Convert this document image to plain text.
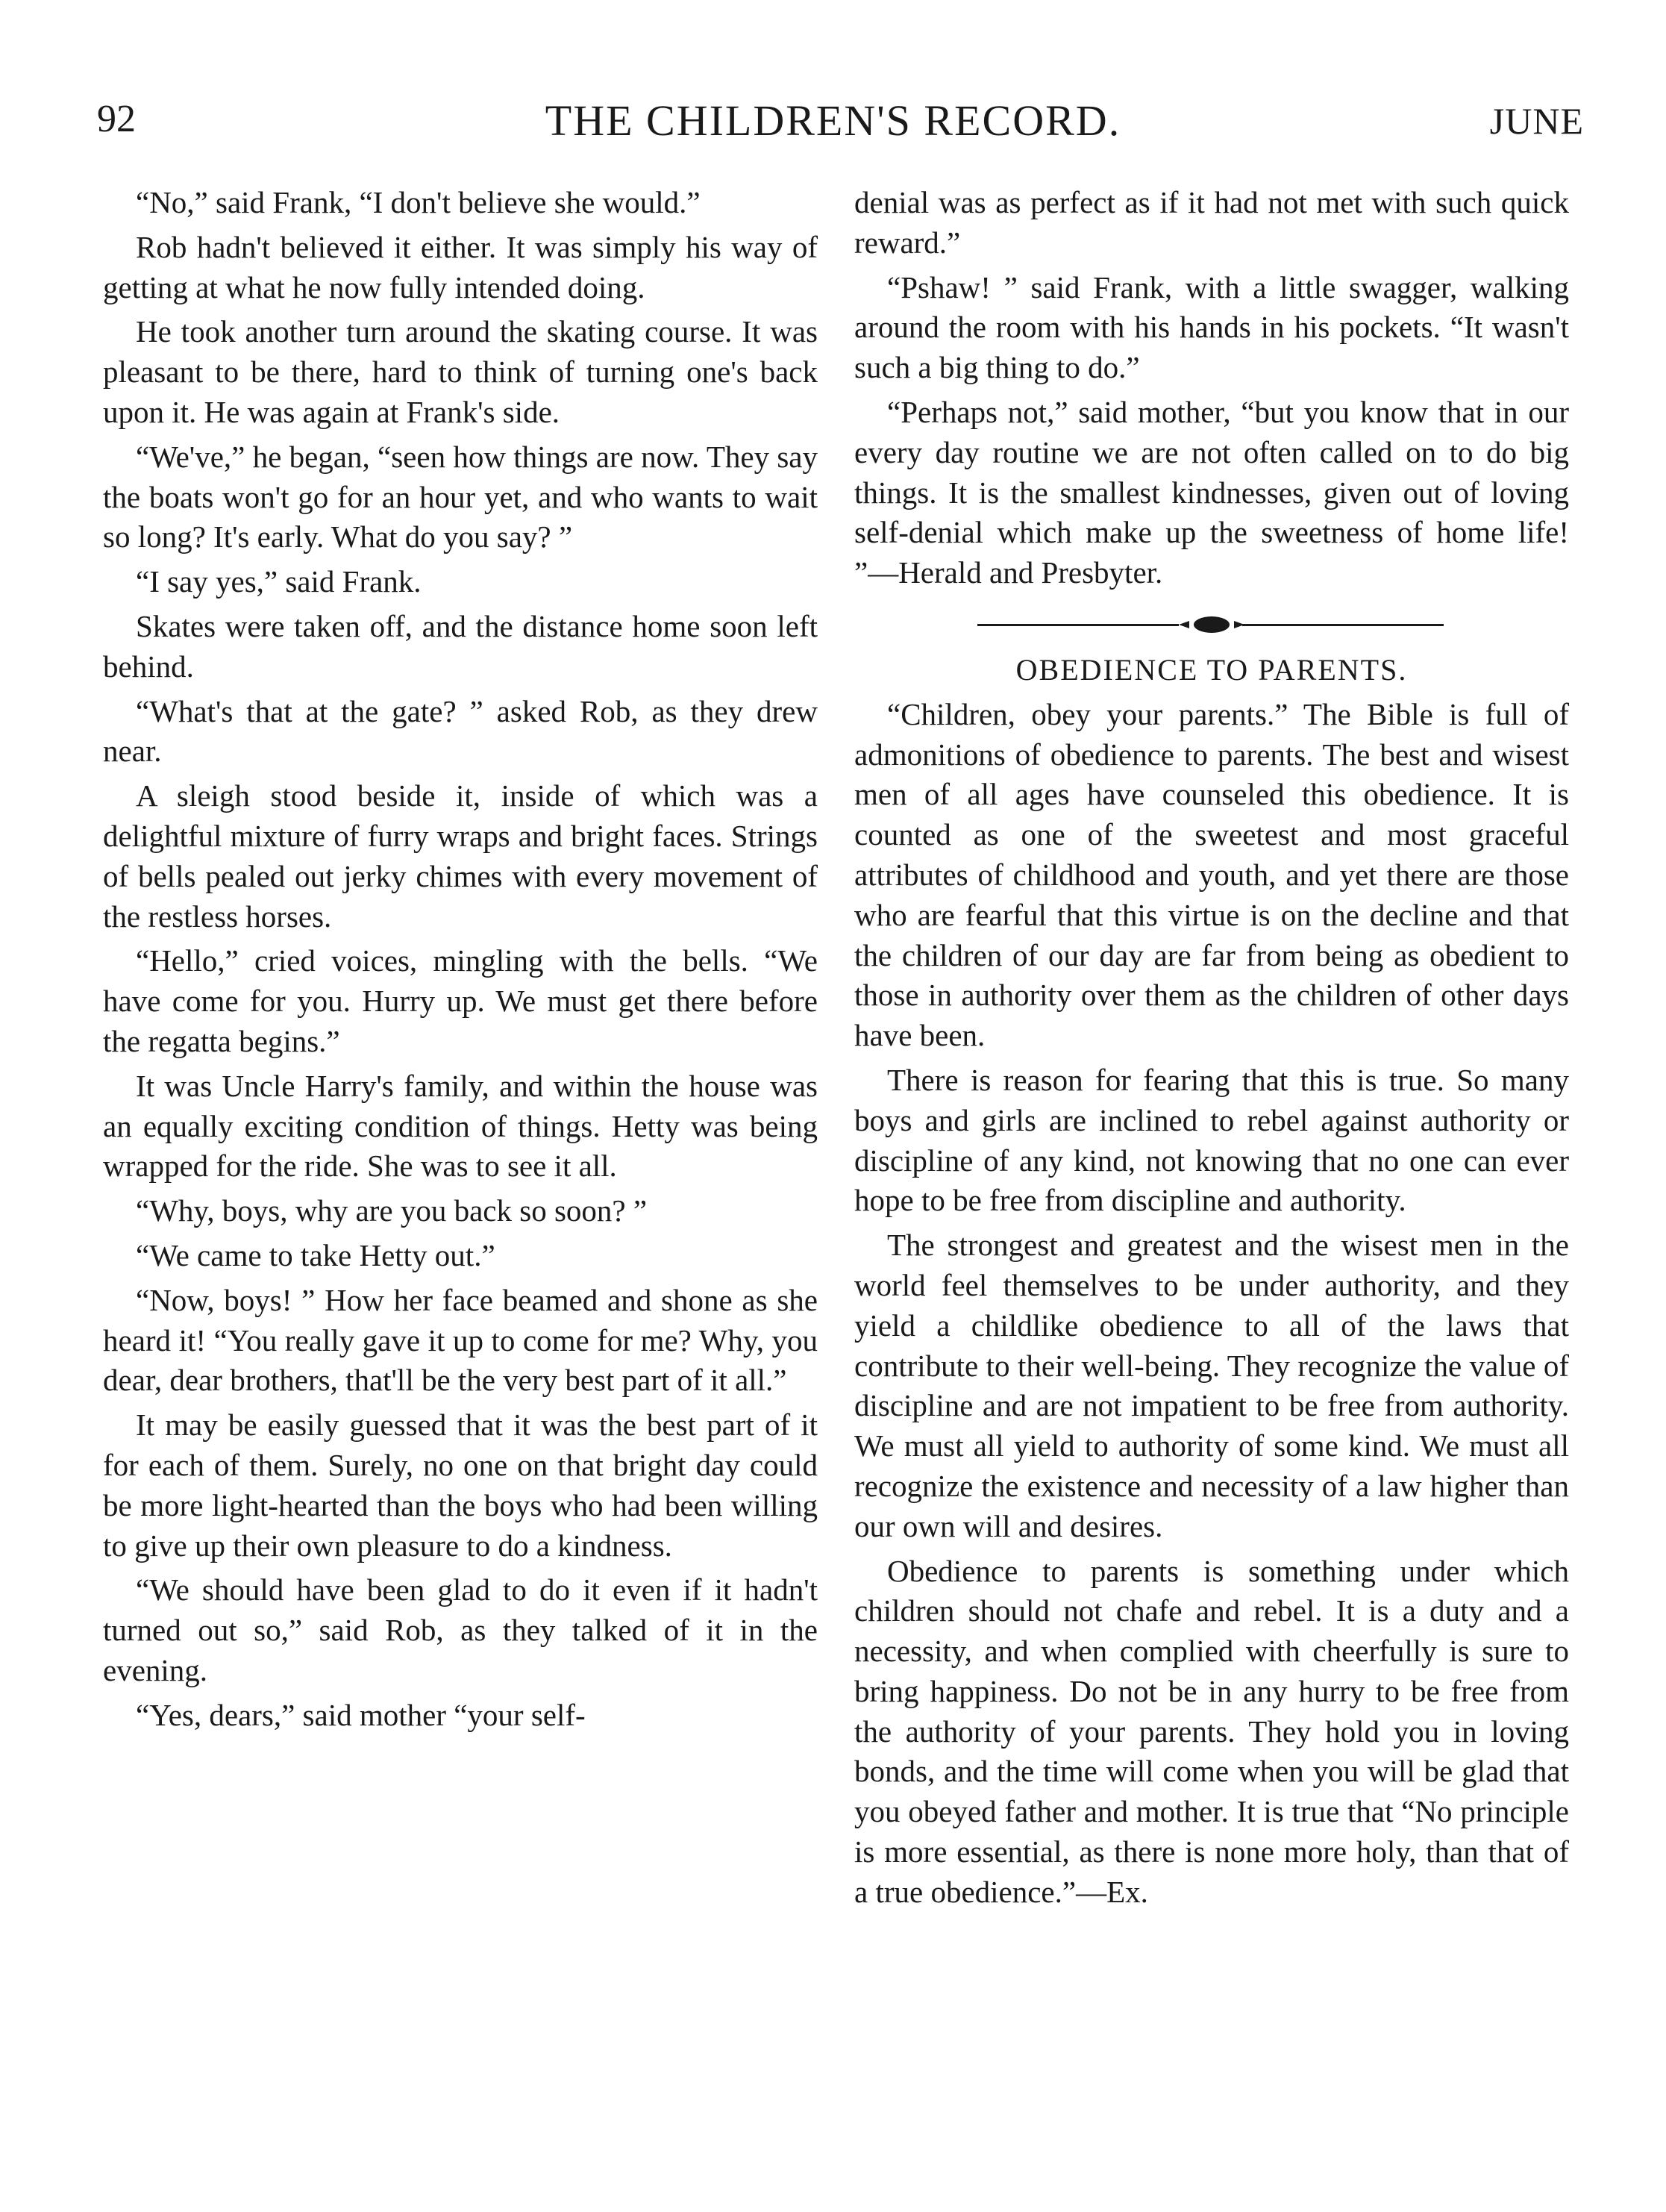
92	THE CHILDREN'S RECORD.	JUNE

“No,” said Frank, “I don't believe she would.”

Rob hadn't believed it either. It was simply his way of getting at what he now fully intended doing.

He took another turn around the skating course. It was pleasant to be there, hard to think of turning one's back upon it. He was again at Frank's side.

“We've,” he began, “seen how things are now. They say the boats won't go for an hour yet, and who wants to wait so long? It's early. What do you say? ”

“I say yes,” said Frank.

Skates were taken off, and the distance home soon left behind.

“What's that at the gate? ” asked Rob, as they drew near.

A sleigh stood beside it, inside of which was a delightful mixture of furry wraps and bright faces. Strings of bells pealed out jerky chimes with every movement of the restless horses.

“Hello,” cried voices, mingling with the bells. “We have come for you. Hurry up. We must get there before the regatta begins.”

It was Uncle Harry's family, and within the house was an equally exciting condition of things. Hetty was being wrapped for the ride. She was to see it all.

“Why, boys, why are you back so soon? ”

“We came to take Hetty out.”

“Now, boys! ” How her face beamed and shone as she heard it! “You really gave it up to come for me? Why, you dear, dear brothers, that'll be the very best part of it all.”

It may be easily guessed that it was the best part of it for each of them. Surely, no one on that bright day could be more light-hearted than the boys who had been willing to give up their own pleasure to do a kindness.

“We should have been glad to do it even if it hadn't turned out so,” said Rob, as they talked of it in the evening.

“Yes, dears,” said mother “your self-

denial was as perfect as if it had not met with such quick reward.”

“Pshaw! ” said Frank, with a little swagger, walking around the room with his hands in his pockets. “It wasn't such a big thing to do.”

“Perhaps not,” said mother, “but you know that in our every day routine we are not often called on to do big things. It is the smallest kindnesses, given out of loving self-denial which make up the sweetness of home life! ”—Herald and Presbyter.

OBEDIENCE TO PARENTS.

“Children, obey your parents.” The Bible is full of admonitions of obedience to parents. The best and wisest men of all ages have counseled this obedience. It is counted as one of the sweetest and most graceful attributes of childhood and youth, and yet there are those who are fearful that this virtue is on the decline and that the children of our day are far from being as obedient to those in authority over them as the children of other days have been.

There is reason for fearing that this is true. So many boys and girls are inclined to rebel against authority or discipline of any kind, not knowing that no one can ever hope to be free from discipline and authority.

The strongest and greatest and the wisest men in the world feel themselves to be under authority, and they yield a childlike obedience to all of the laws that contribute to their well-being. They recognize the value of discipline and are not impatient to be free from authority. We must all yield to authority of some kind. We must all recognize the existence and necessity of a law higher than our own will and desires.

Obedience to parents is something under which children should not chafe and rebel. It is a duty and a necessity, and when complied with cheerfully is sure to bring happiness. Do not be in any hurry to be free from the authority of your parents. They hold you in loving bonds, and the time will come when you will be glad that you obeyed father and mother. It is true that “No principle is more essential, as there is none more holy, than that of a true obedience.”—Ex.
